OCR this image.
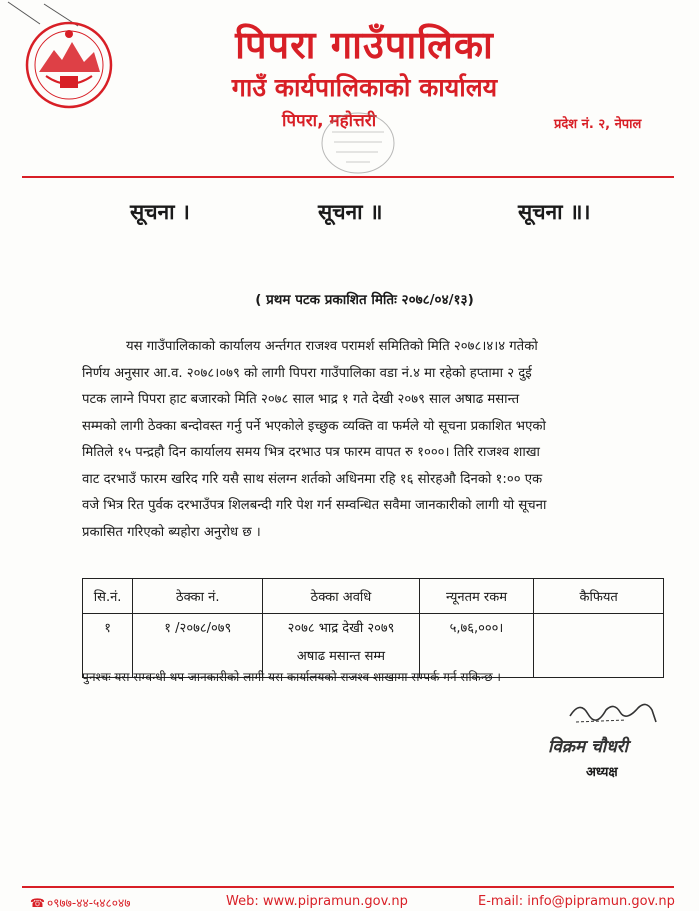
पिपरा गाउँपालिका
गाउँ कार्यपालिकाको कार्यालय
पिपरा, महोत्तरी	प्रदेश नं. २, नेपाल
सूचना ।	सूचना ॥	सूचना ॥।
( प्रथम पटक प्रकाशित मितिः २०७८/०४/१३)
यस गाउँपालिकाको कार्यालय अर्न्तगत राजश्व परामर्श समितिको मिति २०७८।४।४ गतेको
निर्णय अनुसार आ.व. २०७८।०७९ को लागी पिपरा गाउँपालिका वडा नं.४ मा रहेको हप्तामा २ दुई
पटक लाग्ने पिपरा हाट बजारको मिति २०७८ साल भाद्र १ गते देखी २०७९ साल अषाढ मसान्त
सम्मको लागी ठेक्का बन्दोवस्त गर्नु पर्ने भएकोले इच्छुक व्यक्ति वा फर्मले यो सूचना प्रकाशित भएको
मितिले १५ पन्द्रहौ दिन कार्यालय समय भित्र दरभाउ पत्र फारम वापत रु १०००। तिरि राजश्व शाखा
वाट दरभाउँ फारम खरिद गरि यसै साथ संलग्न शर्तको अधिनमा रहि १६ सोरहऔ दिनको १:०० एक
वजे भित्र रित पुर्वक दरभाउँपत्र शिलबन्दी गरि पेश गर्न सम्वन्धित सवैमा जानकारीको लागी यो सूचना
प्रकासित गरिएको ब्यहोरा अनुरोध छ ।
सि.नं.	ठेक्का नं.	ठेक्का अवधि	न्यूनतम रकम	कैफियत
१	१ /२०७८/०७९	२०७८ भाद्र देखी २०७९
अषाढ मसान्त सम्म	५,७६,०००।	
पुनश्चः यस सम्वन्धी थप जानकारीको लागी यस कार्यालयको राजश्व शाखामा सम्पर्क गर्न सकिन्छ ।
विक्रम चौधरी
अध्यक्ष
☎ ०९७७-४४-५४८०४७	Web: www.pipramun.gov.np	E-mail: info@pipramun.gov.np
